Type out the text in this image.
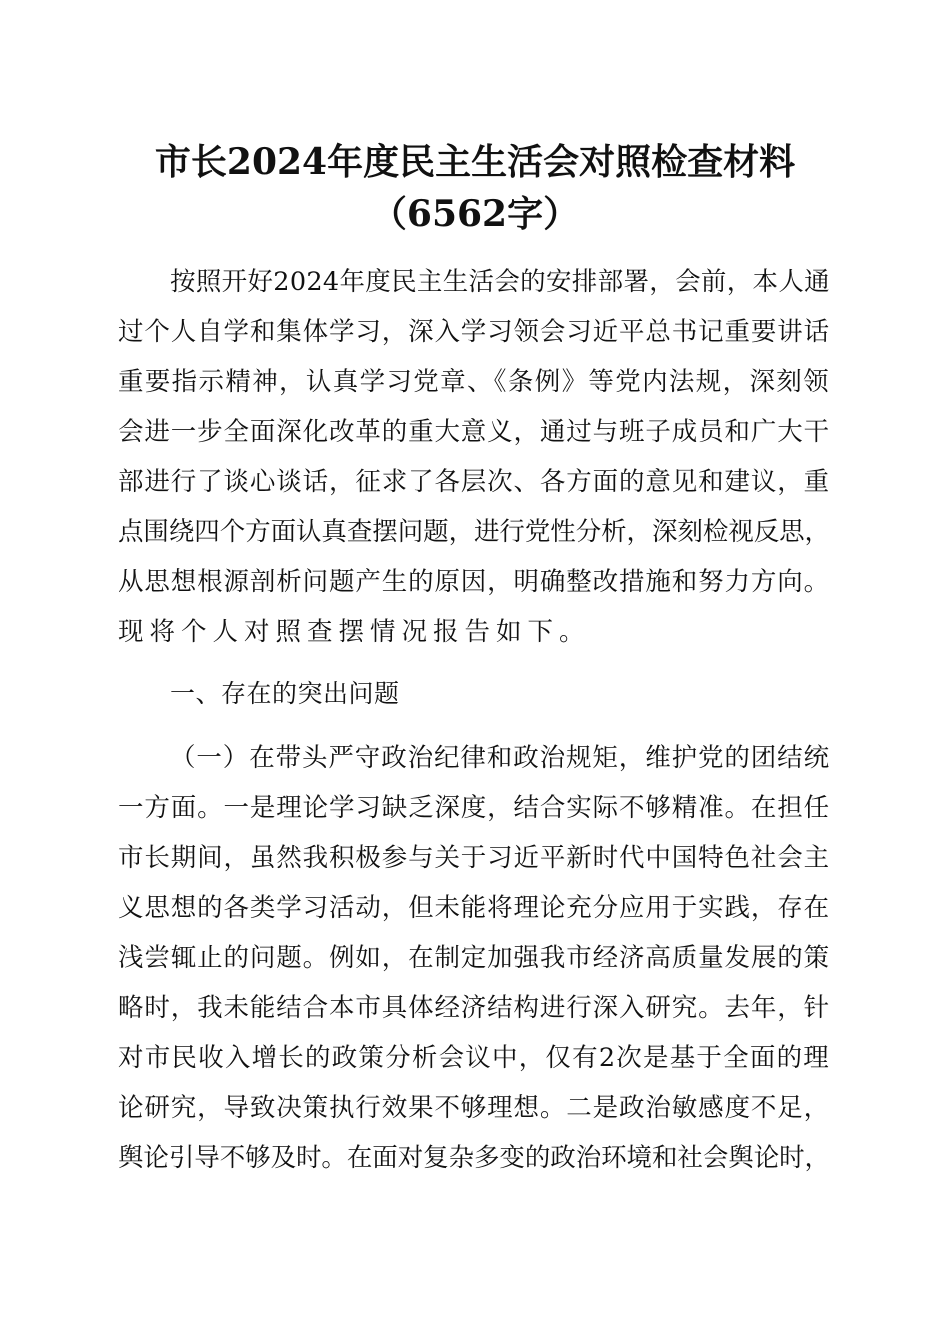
市长2024年度民主生活会对照检查材料
（6562字）
按照开好2024年度民主生活会的安排部署，会前，本人通
过个人自学和集体学习，深入学习领会习近平总书记重要讲话
重要指示精神，认真学习党章、《条例》等党内法规，深刻领
会进一步全面深化改革的重大意义，通过与班子成员和广大干
部进行了谈心谈话，征求了各层次、各方面的意见和建议，重
点围绕四个方面认真查摆问题，进行党性分析，深刻检视反思，
从思想根源剖析问题产生的原因，明确整改措施和努力方向。
现将个人对照查摆情况报告如下。
一、存在的突出问题
（一）在带头严守政治纪律和政治规矩，维护党的团结统
一方面。一是理论学习缺乏深度，结合实际不够精准。在担任
市长期间，虽然我积极参与关于习近平新时代中国特色社会主
义思想的各类学习活动，但未能将理论充分应用于实践，存在
浅尝辄止的问题。例如，在制定加强我市经济高质量发展的策
略时，我未能结合本市具体经济结构进行深入研究。去年，针
对市民收入增长的政策分析会议中，仅有2次是基于全面的理
论研究，导致决策执行效果不够理想。二是政治敏感度不足，
舆论引导不够及时。在面对复杂多变的政治环境和社会舆论时，
